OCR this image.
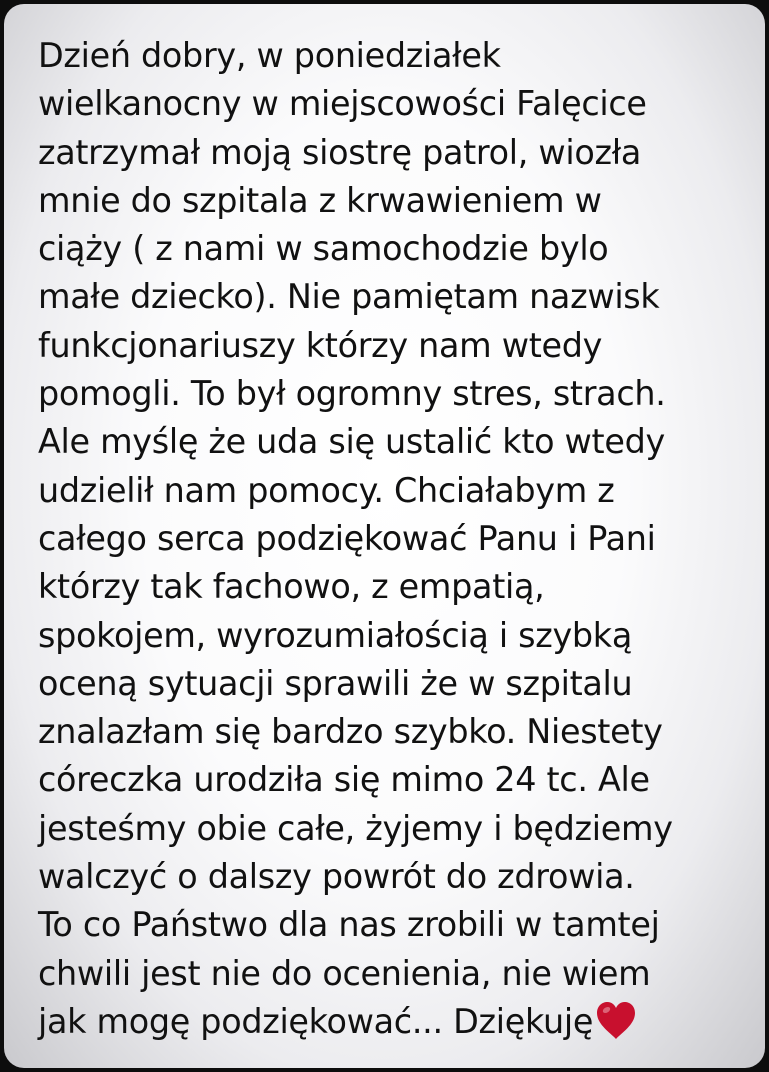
Dzień dobry, w poniedziałek
wielkanocny w miejscowości Falęcice
zatrzymał moją siostrę patrol, wiozła
mnie do szpitala z krwawieniem w
ciąży ( z nami w samochodzie bylo
małe dziecko). Nie pamiętam nazwisk
funkcjonariuszy którzy nam wtedy
pomogli. To był ogromny stres, strach.
Ale myślę że uda się ustalić kto wtedy
udzielił nam pomocy. Chciałabym z
całego serca podziękować Panu i Pani
którzy tak fachowo, z empatią,
spokojem, wyrozumiałością i szybką
oceną sytuacji sprawili że w szpitalu
znalazłam się bardzo szybko. Niestety
córeczka urodziła się mimo 24 tc. Ale
jesteśmy obie całe, żyjemy i będziemy
walczyć o dalszy powrót do zdrowia.
To co Państwo dla nas zrobili w tamtej
chwili jest nie do ocenienia, nie wiem
jak mogę podziękować... Dziękuję
